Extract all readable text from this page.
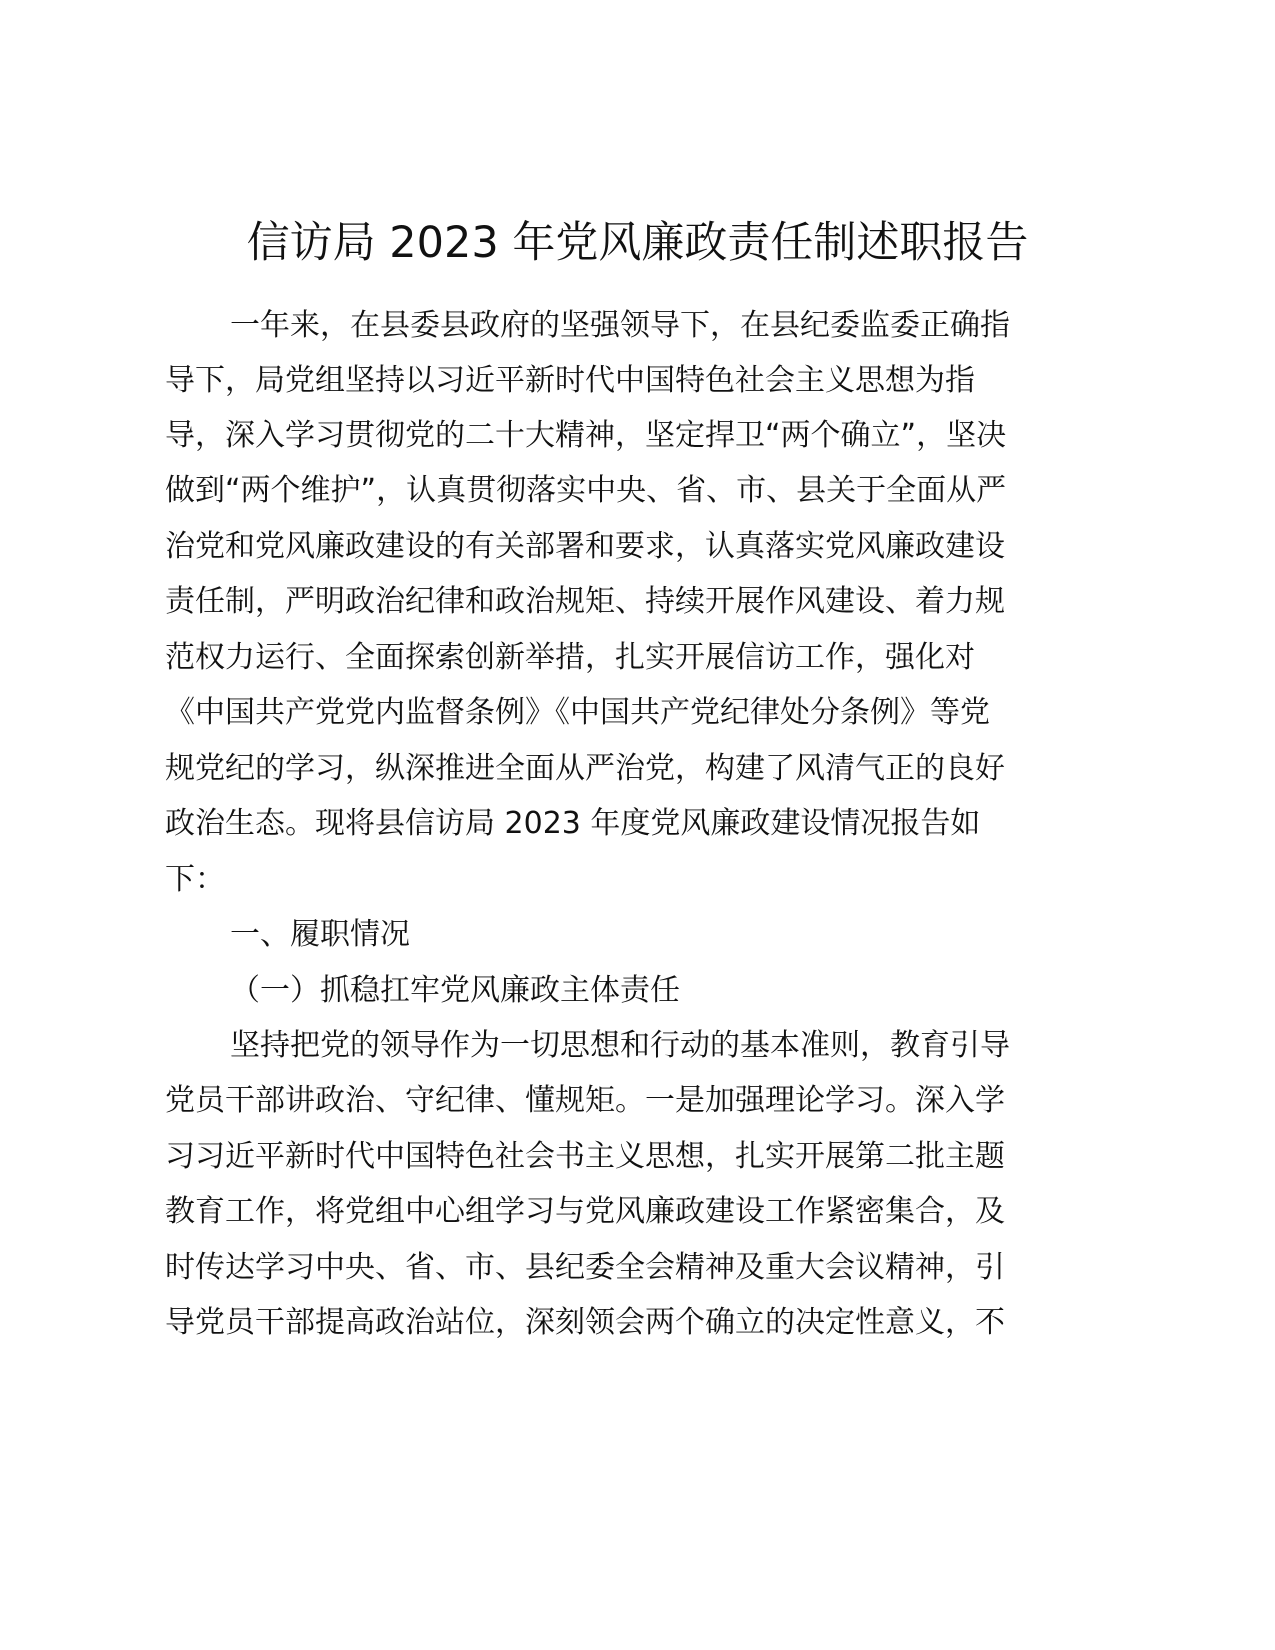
信访局 2023 年党风廉政责任制述职报告
一年来，在县委县政府的坚强领导下，在县纪委监委正确指
导下，局党组坚持以习近平新时代中国特色社会主义思想为指
导，深入学习贯彻党的二十大精神，坚定捍卫“两个确立”，坚决
做到“两个维护”，认真贯彻落实中央、省、市、县关于全面从严
治党和党风廉政建设的有关部署和要求，认真落实党风廉政建设
责任制，严明政治纪律和政治规矩、持续开展作风建设、着力规
范权力运行、全面探索创新举措，扎实开展信访工作，强化对
《中国共产党党内监督条例》《中国共产党纪律处分条例》等党
规党纪的学习，纵深推进全面从严治党，构建了风清气正的良好
政治生态。现将县信访局 2023 年度党风廉政建设情况报告如
下：
一、履职情况
（一）抓稳扛牢党风廉政主体责任
坚持把党的领导作为一切思想和行动的基本准则，教育引导
党员干部讲政治、守纪律、懂规矩。一是加强理论学习。深入学
习习近平新时代中国特色社会书主义思想，扎实开展第二批主题
教育工作，将党组中心组学习与党风廉政建设工作紧密集合，及
时传达学习中央、省、市、县纪委全会精神及重大会议精神，引
导党员干部提高政治站位，深刻领会两个确立的决定性意义，不
